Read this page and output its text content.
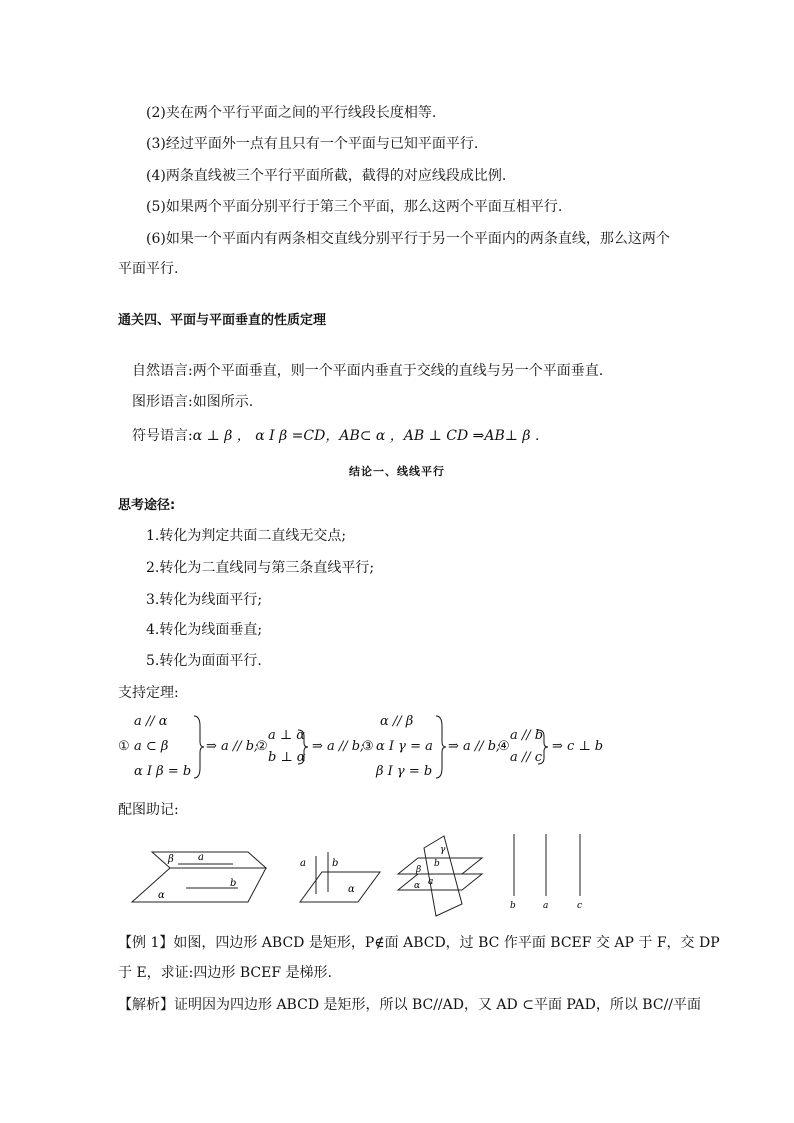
(2)夹在两个平行平面之间的平行线段长度相等.
(3)经过平面外一点有且只有一个平面与已知平面平行.
(4)两条直线被三个平行平面所截，截得的对应线段成比例.
(5)如果两个平面分别平行于第三个平面，那么这两个平面互相平行.
(6)如果一个平面内有两条相交直线分别平行于另一个平面内的两条直线，那么这两个
平面平行.
通关四、平面与平面垂直的性质定理
自然语言:两个平面垂直，则一个平面内垂直于交线的直线与另一个平面垂直.
图形语言:如图所示.
符号语言:α ⊥ β ， α I β =CD，AB⊂ α ，AB ⊥ CD ⇒AB⊥ β .
结论一、线线平行
思考途径:
1.转化为判定共面二直线无交点;
2.转化为二直线同与第三条直线平行;
3.转化为线面平行;
4.转化为线面垂直;
5.转化为面面平行.
支持定理:
①
a // α
a ⊂ β
α I β = b
⇒ a // b;
②
a ⊥ α
b ⊥ α
⇒ a // b;
③
α // β
α I γ = a
β I γ = b
⇒ a // b;
④
a // b
a // c
⇒ c ⊥ b
配图助记:
β a
α
b
a	b
α
γ
b
β
a
α
b	a	c
【例 1】如图，四边形 ABCD 是矩形，P∉面 ABCD，过 BC 作平面 BCEF 交 AP 于 F，交 DP
于 E，求证:四边形 BCEF 是梯形.
【解析】证明因为四边形 ABCD 是矩形，所以 BC//AD，又 AD ⊂平面 PAD，所以 BC//平面
